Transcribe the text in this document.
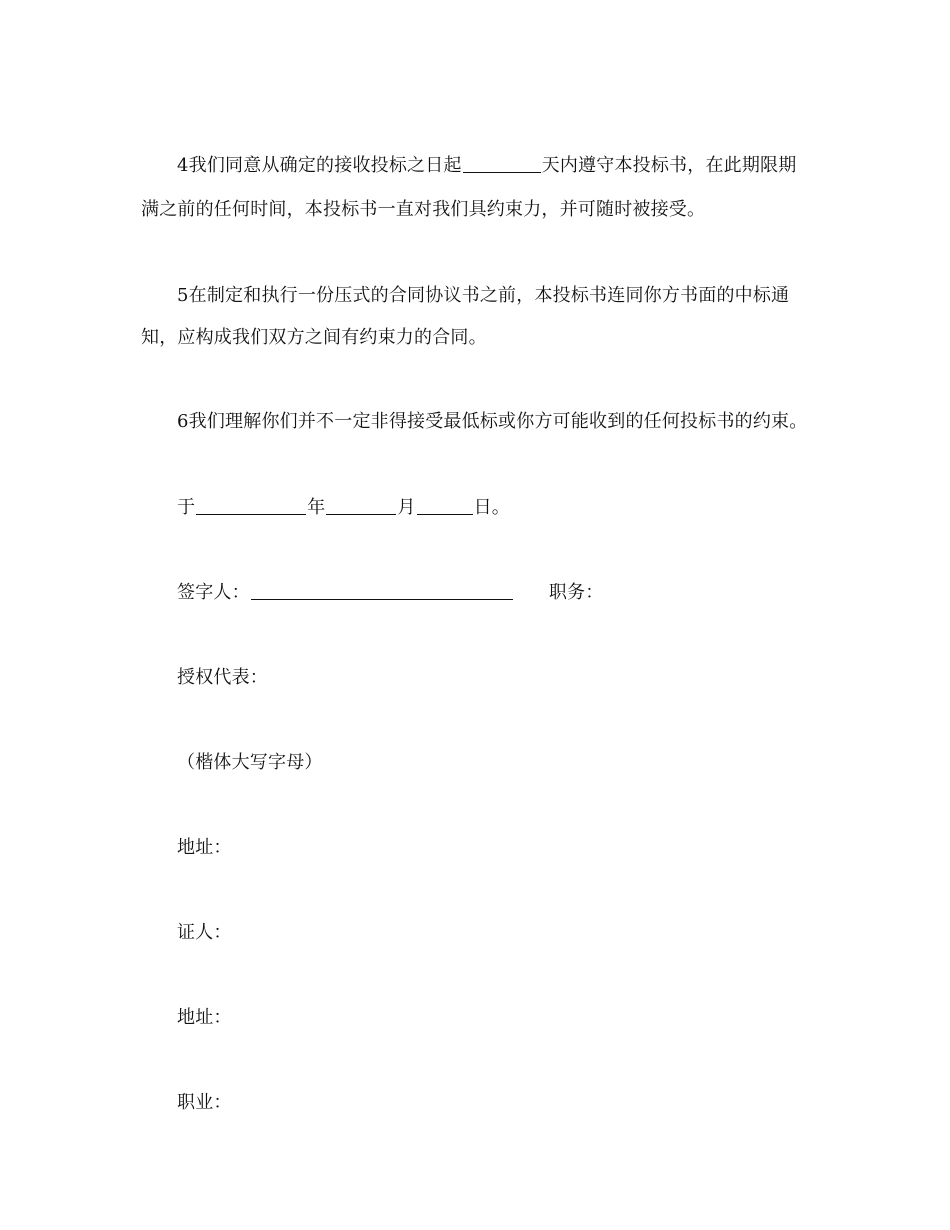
4我们同意从确定的接收投标之日起	天内遵守本投标书，在此期限期
满之前的任何时间，本投标书一直对我们具约束力，并可随时被接受。
5在制定和执行一份压式的合同协议书之前，本投标书连同你方书面的中标通
知，应构成我们双方之间有约束力的合同。
6我们理解你们并不一定非得接受最低标或你方可能收到的任何投标书的约束。
于	年	月	日。
签字人：	职务：
授权代表：
（楷体大写字母）
地址：
证人：
地址：
职业：
